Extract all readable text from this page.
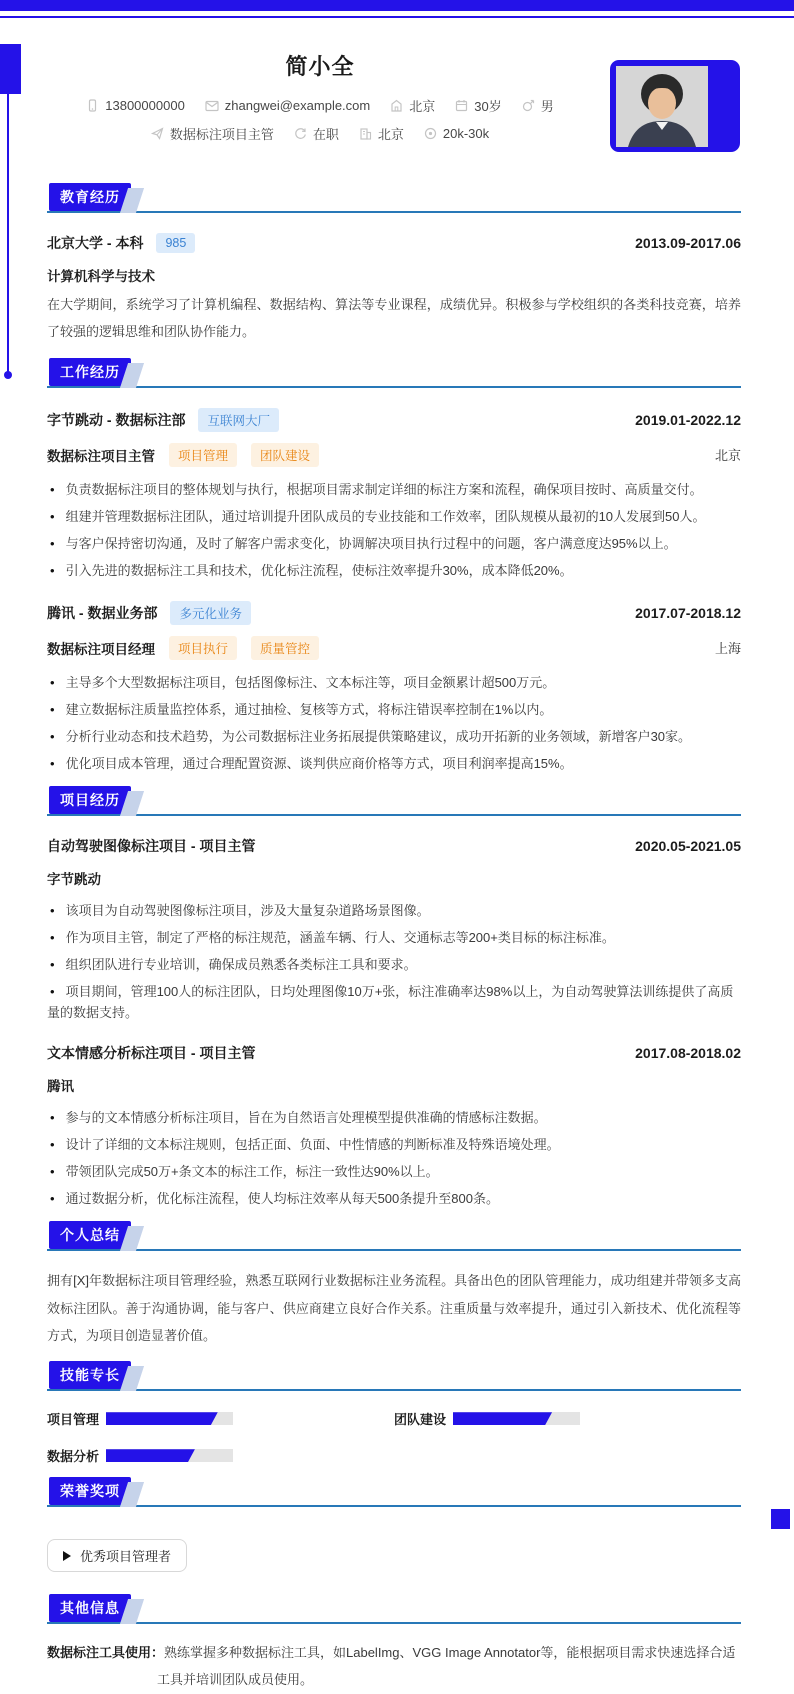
简小全
13800000000	zhangwei@example.com	北京	30岁	男
数据标注项目主管	在职	北京	20k-30k
教育经历
北京大学 - 本科	985	2013.09-2017.06
计算机科学与技术

在大学期间，系统学习了计算机编程、数据结构、算法等专业课程，成绩优异。积极参与学校组织的各类科技竞赛，培养了较强的逻辑思维和团队协作能力。

工作经历
字节跳动 - 数据标注部	互联网大厂	2019.01-2022.12
数据标注项目主管	项目管理	团队建设	北京
• 负责数据标注项目的整体规划与执行，根据项目需求制定详细的标注方案和流程，确保项目按时、高质量交付。
• 组建并管理数据标注团队，通过培训提升团队成员的专业技能和工作效率，团队规模从最初的10人发展到50人。
• 与客户保持密切沟通，及时了解客户需求变化，协调解决项目执行过程中的问题，客户满意度达95%以上。
• 引入先进的数据标注工具和技术，优化标注流程，使标注效率提升30%，成本降低20%。
腾讯 - 数据业务部	多元化业务	2017.07-2018.12
数据标注项目经理	项目执行	质量管控	上海
• 主导多个大型数据标注项目，包括图像标注、文本标注等，项目金额累计超500万元。
• 建立数据标注质量监控体系，通过抽检、复核等方式，将标注错误率控制在1%以内。
• 分析行业动态和技术趋势，为公司数据标注业务拓展提供策略建议，成功开拓新的业务领域，新增客户30家。
• 优化项目成本管理，通过合理配置资源、谈判供应商价格等方式，项目利润率提高15%。
项目经历
自动驾驶图像标注项目 - 项目主管	2020.05-2021.05
字节跳动
• 该项目为自动驾驶图像标注项目，涉及大量复杂道路场景图像。
• 作为项目主管，制定了严格的标注规范，涵盖车辆、行人、交通标志等200+类目标的标注标准。
• 组织团队进行专业培训，确保成员熟悉各类标注工具和要求。
• 项目期间，管理100人的标注团队，日均处理图像10万+张，标注准确率达98%以上，为自动驾驶算法训练提供了高质量的数据支持。
文本情感分析标注项目 - 项目主管	2017.08-2018.02
腾讯
• 参与的文本情感分析标注项目，旨在为自然语言处理模型提供准确的情感标注数据。
• 设计了详细的文本标注规则，包括正面、负面、中性情感的判断标准及特殊语境处理。
• 带领团队完成50万+条文本的标注工作，标注一致性达90%以上。
• 通过数据分析，优化标注流程，使人均标注效率从每天500条提升至800条。
个人总结

拥有[X]年数据标注项目管理经验，熟悉互联网行业数据标注业务流程。具备出色的团队管理能力，成功组建并带领多支高效标注团队。善于沟通协调，能与客户、供应商建立良好合作关系。注重质量与效率提升，通过引入新技术、优化流程等方式，为项目创造显著价值。

技能专长
项目管理	团队建设
数据分析
荣誉奖项
优秀项目管理者
其他信息

数据标注工具使用：熟练掌握多种数据标注工具，如LabelImg、VGG Image Annotator等，能根据项目需求快速选择合适工具并培训团队成员使用。
